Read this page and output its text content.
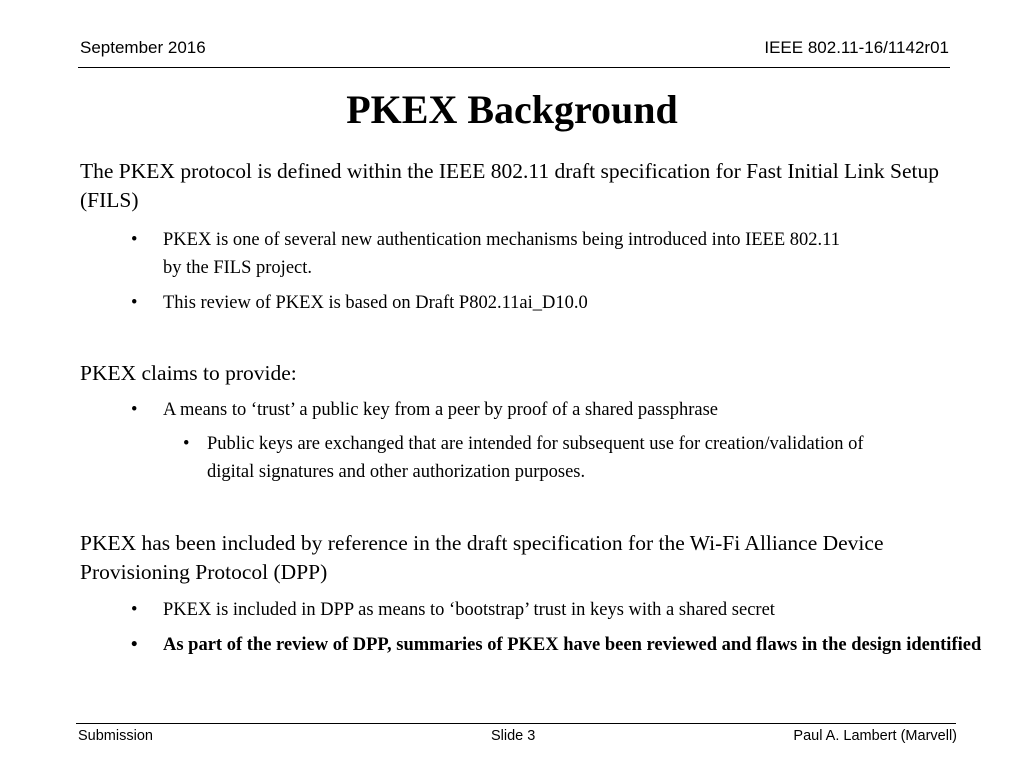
September 2016	IEEE 802.11-16/1142r01
PKEX Background
The PKEX protocol is defined within the IEEE 802.11 draft specification for Fast Initial Link Setup (FILS)
• PKEX is one of several new authentication mechanisms being introduced into IEEE 802.11 by the FILS project.
• This review of PKEX is based on Draft P802.11ai_D10.0
PKEX claims to provide:
• A means to ‘trust’ a public key from a peer by proof of a shared passphrase
• Public keys are exchanged that are intended for subsequent use for creation/validation of digital signatures and other authorization purposes.
PKEX has been included by reference in the draft specification for the Wi-Fi Alliance Device Provisioning Protocol (DPP)
• PKEX is included in DPP as means to ‘bootstrap’ trust in keys with a shared secret
• As part of the review of DPP, summaries of PKEX have been reviewed and flaws in the design identified
Submission	Slide 3	Paul A. Lambert (Marvell)
